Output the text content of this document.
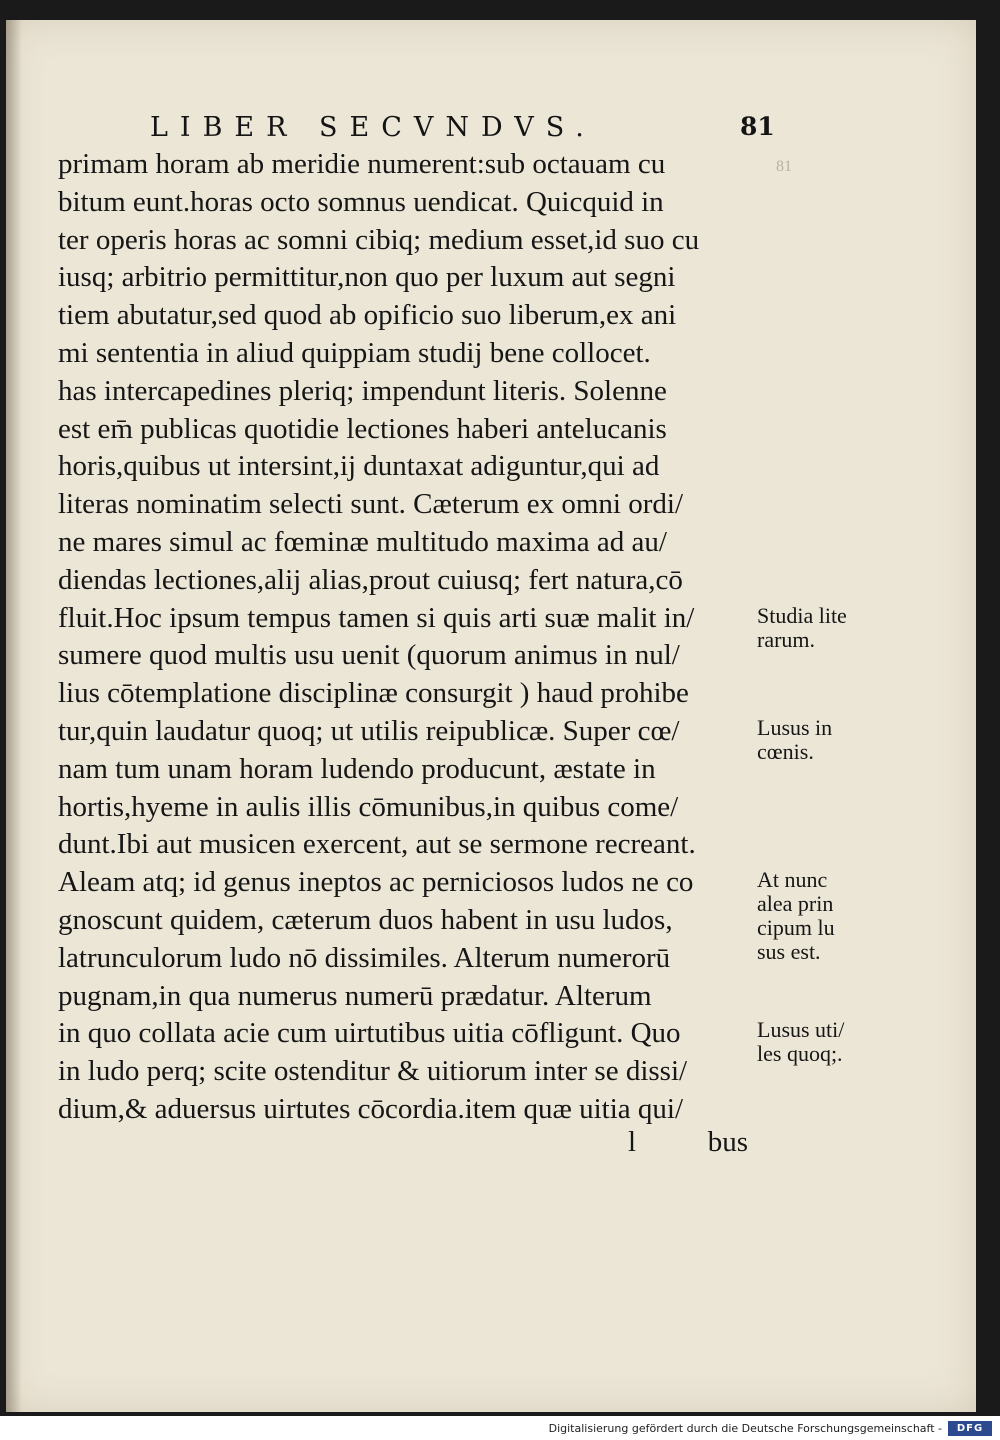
LIBER SECVNDVS.	81
81
primam horam ab meridie numerent:sub octauam cu
bitum eunt.horas octo somnus uendicat. Quicquid in
ter operis horas ac somni cibiq; medium esset,id suo cu
iusq; arbitrio permittitur,non quo per luxum aut segni
tiem abutatur,sed quod ab opificio suo liberum,ex ani
mi sententia in aliud quippiam studij bene collocet.
has intercapedines pleriq; impendunt literis. Solenne
est em̄ publicas quotidie lectiones haberi antelucanis
horis,quibus ut intersint,ij duntaxat adiguntur,qui ad
literas nominatim selecti sunt. Cæterum ex omni ordi/
ne mares simul ac fœminæ multitudo maxima ad au/
diendas lectiones,alij alias,prout cuiusq; fert natura,cō
fluit.Hoc ipsum tempus tamen si quis arti suæ malit in/
sumere quod multis usu uenit (quorum animus in nul/
lius cōtemplatione disciplinæ consurgit ) haud prohibe
tur,quin laudatur quoq; ut utilis reipublicæ. Super cœ/
nam tum unam horam ludendo producunt, æstate in
hortis,hyeme in aulis illis cōmunibus,in quibus come/
dunt.Ibi aut musicen exercent, aut se sermone recreant.
Aleam atq; id genus ineptos ac perniciosos ludos ne co
gnoscunt quidem, cæterum duos habent in usu ludos,
latrunculorum ludo nō dissimiles. Alterum numerorū
pugnam,in qua numerus numerū prædatur. Alterum
in quo collata acie cum uirtutibus uitia cōfligunt. Quo
in ludo perq; scite ostenditur & uitiorum inter se dissi/
dium,& aduersus uirtutes cōcordia.item quæ uitia qui/
l bus
Studia lite
rarum.
Lusus in
cœnis.
At nunc
alea prin
cipum lu
sus est.
Lusus uti/
les quoq;.
Digitalisierung gefördert durch die Deutsche Forschungsgemeinschaft -	DFG
